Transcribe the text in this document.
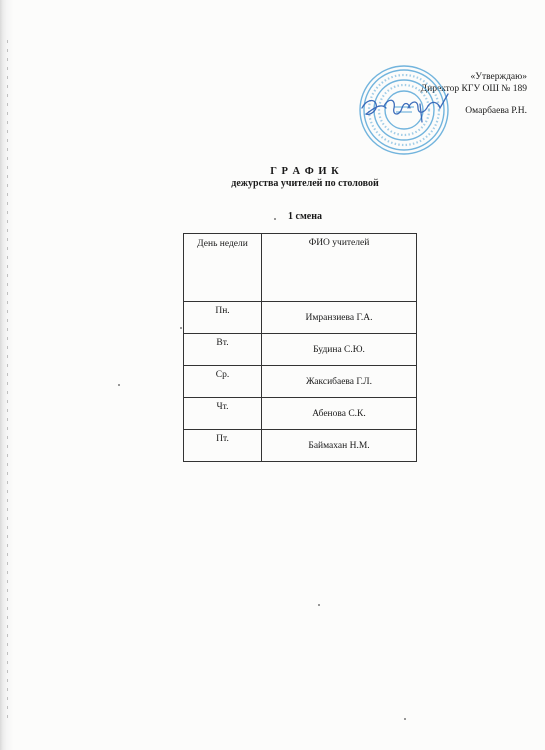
«Утверждаю»
Директор КГУ ОШ № 189
Омарбаева Р.Н.
Г Р А Ф И К
дежурства учителей по столовой
1 смена
День недели	ФИО учителей
Пн.	Имранзиева Г.А.
Вт.	Будина С.Ю.
Ср.	Жаксибаева Г.Л.
Чт.	Абенова С.К.
Пт.	Баймахан Н.М.
